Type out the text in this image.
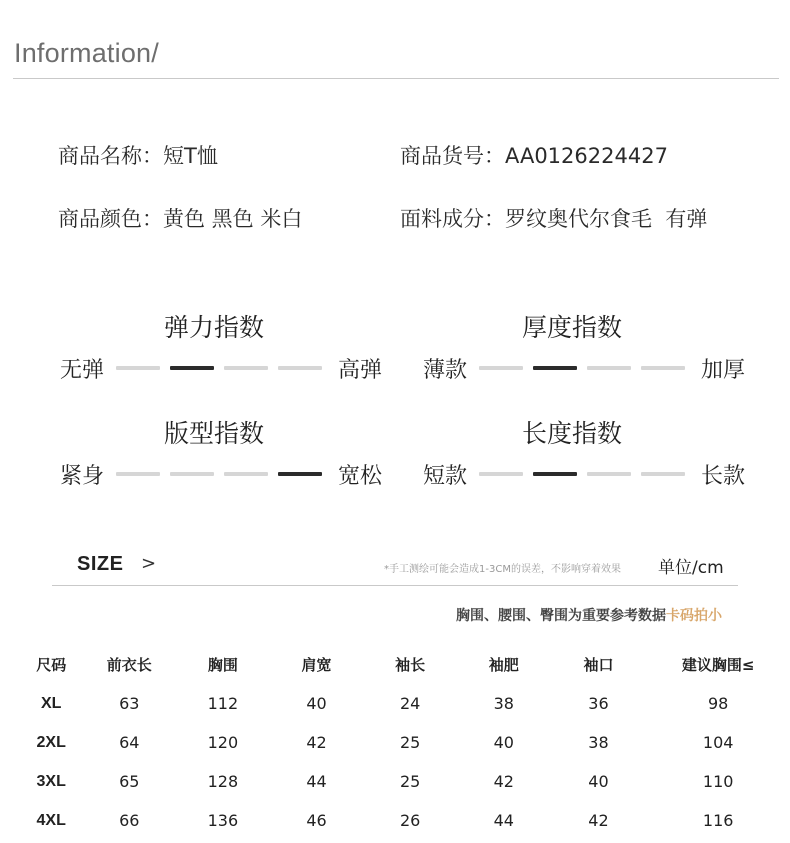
Information/
商品名称：短T恤	商品货号：AA0126224427
商品颜色：黄色 黑色 米白	面料成分：罗纹奥代尔食毛  有弹
弹力指数
无弹	高弹
厚度指数
薄款	加厚
版型指数
紧身	宽松
长度指数
短款	长款
SIZE >	*手工测绘可能会造成1-3CM的误差，不影响穿着效果 单位/cm
胸围、腰围、臀围为重要参考数据卡码拍小
尺码	前衣长	胸围	肩宽	袖长	袖肥	袖口	建议胸围≤
XL	63	112	40	24	38	36	98
2XL	64	120	42	25	40	38	104
3XL	65	128	44	25	42	40	110
4XL	66	136	46	26	44	42	116
